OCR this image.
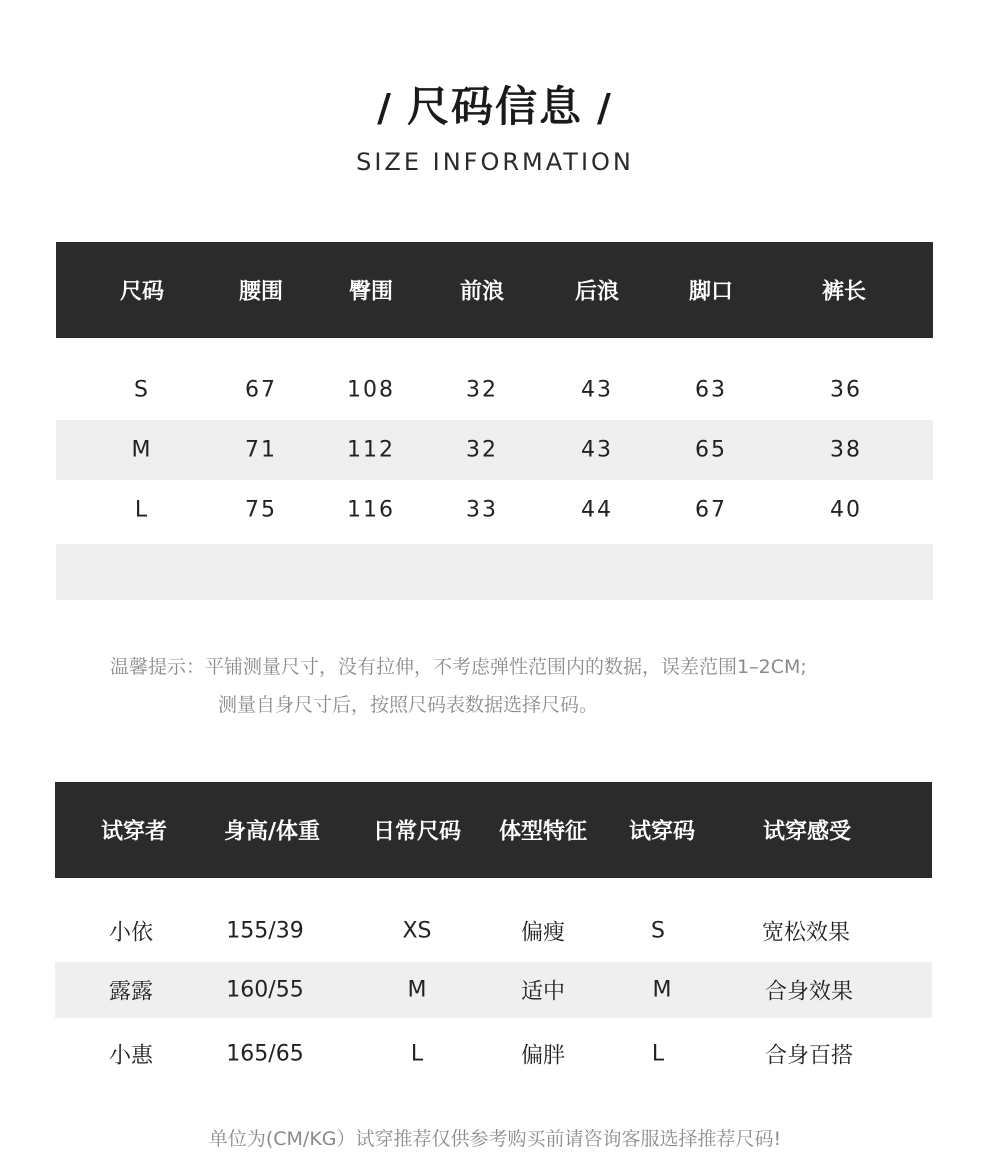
/ 尺码信息 /
SIZE INFORMATION
尺码	腰围	臀围	前浪	后浪	脚口	裤长
S	67	108	32	43	63	36
M	71	112	32	43	65	38
L	75	116	33	44	67	40
温馨提示：平铺测量尺寸，没有拉伸，不考虑弹性范围内的数据，误差范围1–2CM;
测量自身尺寸后，按照尺码表数据选择尺码。
试穿者	身高/体重 日常尺码 体型特征 试穿码	试穿感受
小依	155/39	XS	偏瘦	S	宽松效果
露露	160/55	M	适中	M	合身效果
小惠	165/65	L	偏胖	L	合身百搭
单位为(CM/KG）试穿推荐仅供参考购买前请咨询客服选择推荐尺码!
